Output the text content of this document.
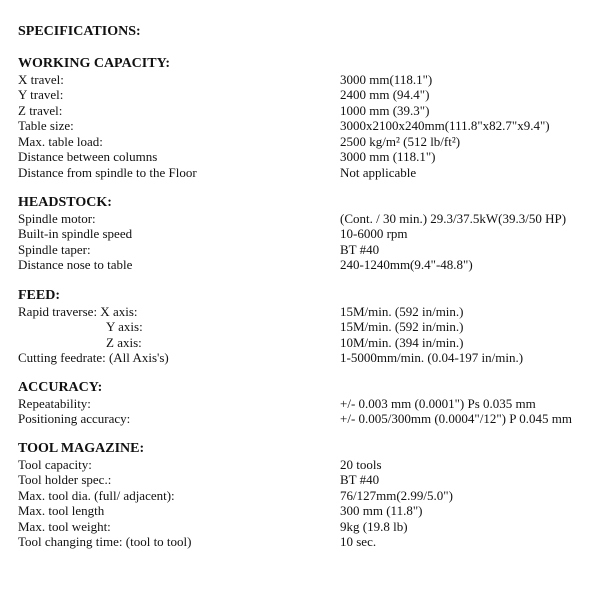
SPECIFICATIONS:
WORKING CAPACITY:
X travel:	3000 mm(118.1")
Y travel:	2400 mm (94.4")
Z travel:	1000 mm (39.3")
Table size:	3000x2100x240mm(111.8"x82.7"x9.4")
Max. table load:	2500 kg/m² (512 lb/ft²)
Distance between columns	3000 mm (118.1")
Distance from spindle to the Floor	Not applicable
HEADSTOCK:
Spindle motor:	(Cont. / 30 min.) 29.3/37.5kW(39.3/50 HP)
Built-in spindle speed	10-6000 rpm
Spindle taper:	BT #40
Distance nose to table	240-1240mm(9.4"-48.8")
FEED:
Rapid traverse: X axis:	15M/min. (592 in/min.)
Y axis:	15M/min. (592 in/min.)
Z axis:	10M/min. (394 in/min.)
Cutting feedrate: (All Axis's)	1-5000mm/min. (0.04-197 in/min.)
ACCURACY:
Repeatability:	+/- 0.003 mm (0.0001") Ps 0.035 mm
Positioning accuracy:	+/- 0.005/300mm (0.0004"/12") P 0.045 mm
TOOL MAGAZINE:
Tool capacity:	20 tools
Tool holder spec.:	BT #40
Max. tool dia. (full/ adjacent):	76/127mm(2.99/5.0")
Max. tool length	300 mm (11.8")
Max. tool weight:	9kg (19.8 lb)
Tool changing time: (tool to tool)	10 sec.
